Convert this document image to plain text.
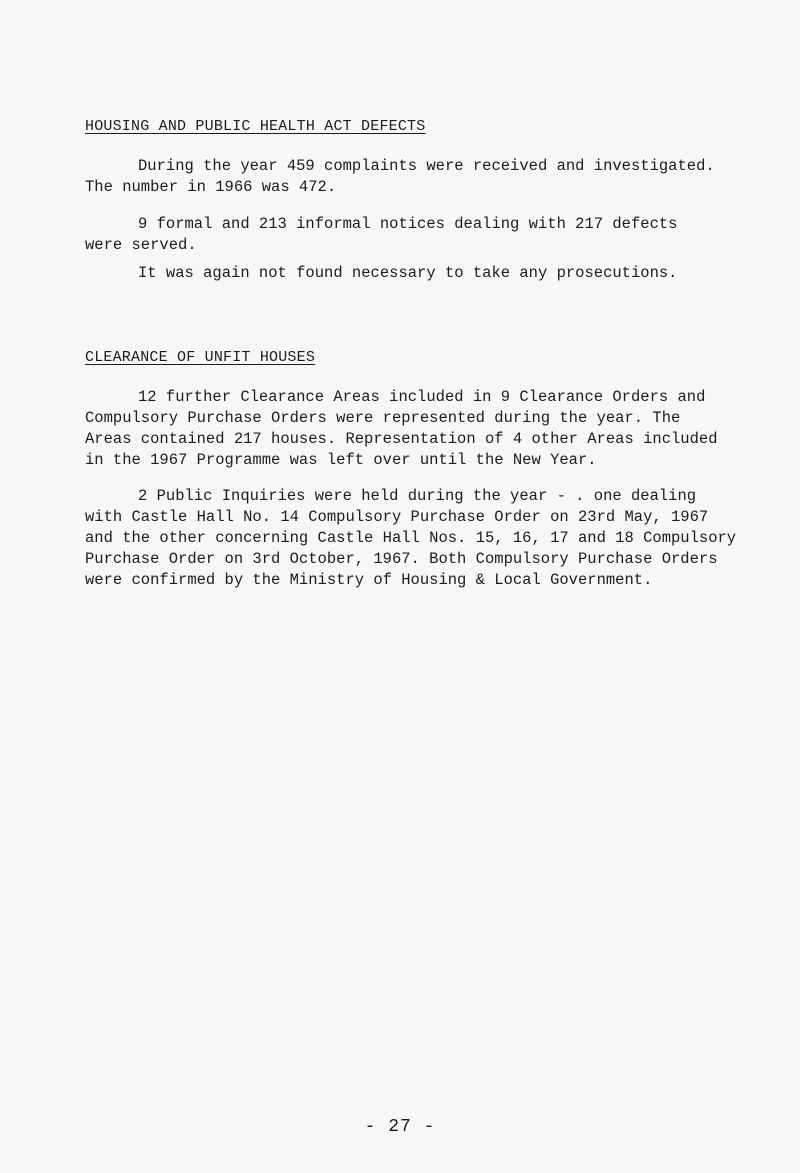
HOUSING AND PUBLIC HEALTH ACT DEFECTS

During the year 459 complaints were received and investigated.
The number in 1966 was 472.

9 formal and 213 informal notices dealing with 217 defects
were served.

It was again not found necessary to take any prosecutions.

CLEARANCE OF UNFIT HOUSES

12 further Clearance Areas included in 9 Clearance Orders and
Compulsory Purchase Orders were represented during the year. The
Areas contained 217 houses. Representation of 4 other Areas included
in the 1967 Programme was left over until the New Year.

2 Public Inquiries were held during the year - . one dealing
with Castle Hall No. 14 Compulsory Purchase Order on 23rd May, 1967
and the other concerning Castle Hall Nos. 15, 16, 17 and 18 Compulsory
Purchase Order on 3rd October, 1967. Both Compulsory Purchase Orders
were confirmed by the Ministry of Housing & Local Government.

- 27 -
